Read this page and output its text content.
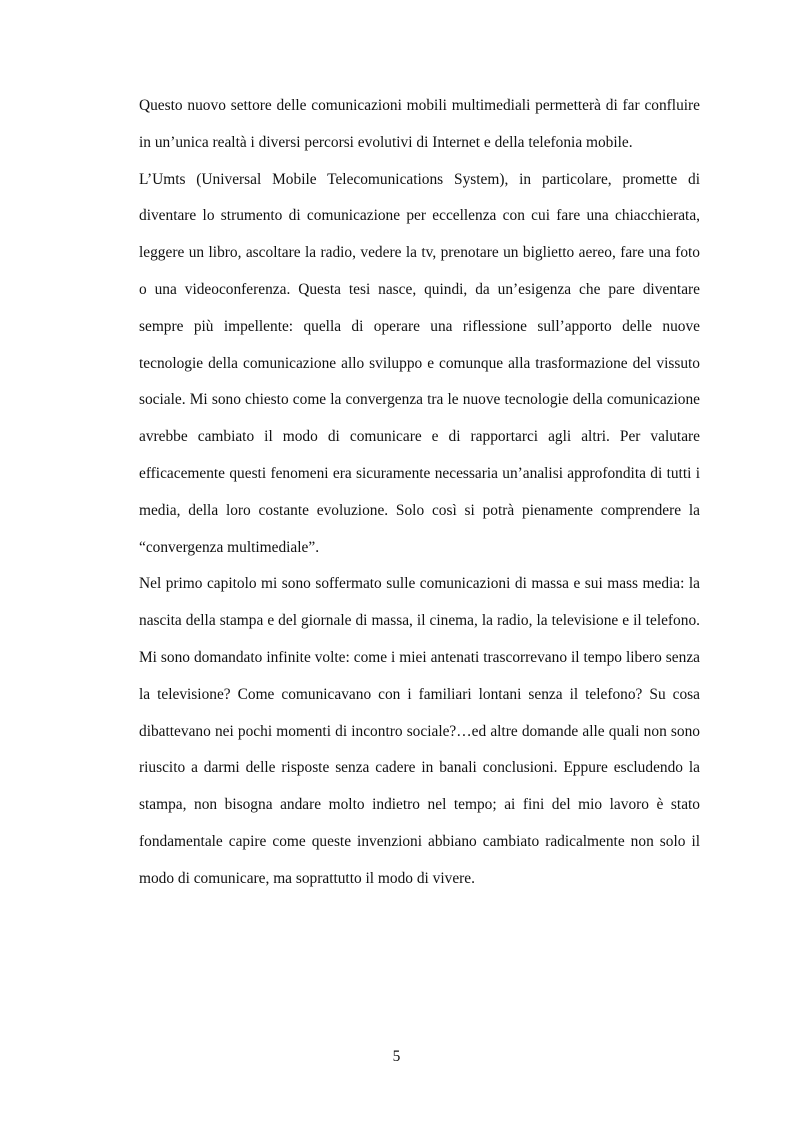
Questo nuovo settore delle comunicazioni mobili multimediali permetterà di far confluire in un’unica realtà i diversi percorsi evolutivi di Internet e della telefonia mobile.

L’Umts (Universal Mobile Telecomunications System), in particolare, promette di diventare lo strumento di comunicazione per eccellenza con cui fare una chiacchierata, leggere un libro, ascoltare la radio, vedere la tv, prenotare un biglietto aereo, fare una foto o una videoconferenza. Questa tesi nasce, quindi, da un’esigenza che pare diventare sempre più impellente: quella di operare una riflessione sull’apporto delle nuove tecnologie della comunicazione allo sviluppo e comunque alla trasformazione del vissuto sociale. Mi sono chiesto come la convergenza tra le nuove tecnologie della comunicazione avrebbe cambiato il modo di comunicare e di rapportarci agli altri. Per valutare efficacemente questi fenomeni era sicuramente necessaria un’analisi approfondita di tutti i media, della loro costante evoluzione. Solo così si potrà pienamente comprendere la “convergenza multimediale”.

Nel primo capitolo mi sono soffermato sulle comunicazioni di massa e sui mass media: la nascita della stampa e del giornale di massa, il cinema, la radio, la televisione e il telefono. Mi sono domandato infinite volte: come i miei antenati trascorrevano il tempo libero senza la televisione? Come comunicavano con i familiari lontani senza il telefono? Su cosa dibattevano nei pochi momenti di incontro sociale?…ed altre domande alle quali non sono riuscito a darmi delle risposte senza cadere in banali conclusioni. Eppure escludendo la stampa, non bisogna andare molto indietro nel tempo; ai fini del mio lavoro è stato fondamentale capire come queste invenzioni abbiano cambiato radicalmente non solo il modo di comunicare, ma soprattutto il modo di vivere.

5
